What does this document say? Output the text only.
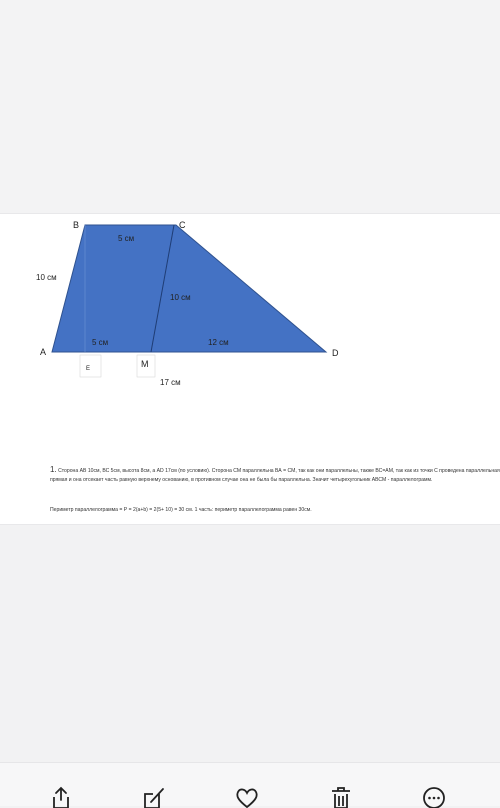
A
B	C
D
M
E
10 см
5 см
10 см
5 см	12 см
17 см

1. Сторона АВ 10см, ВС 5см, высота 8см, а АD 17см (по условию). Сторона СМ параллельна ВА = СМ, так как они параллельны, также ВС=АМ, так как из точки С проведена параллельная прямая и она отсекает часть равную верхнему основанию, в противном случае она не была бы параллельна. Значит четырехугольник АВСМ - параллелограмм.

Периметр параллелограмма = Р = 2(а+b) = 2(5+ 10) = 30 см. 1 часть: периметр параллелограмма равен 30см.
